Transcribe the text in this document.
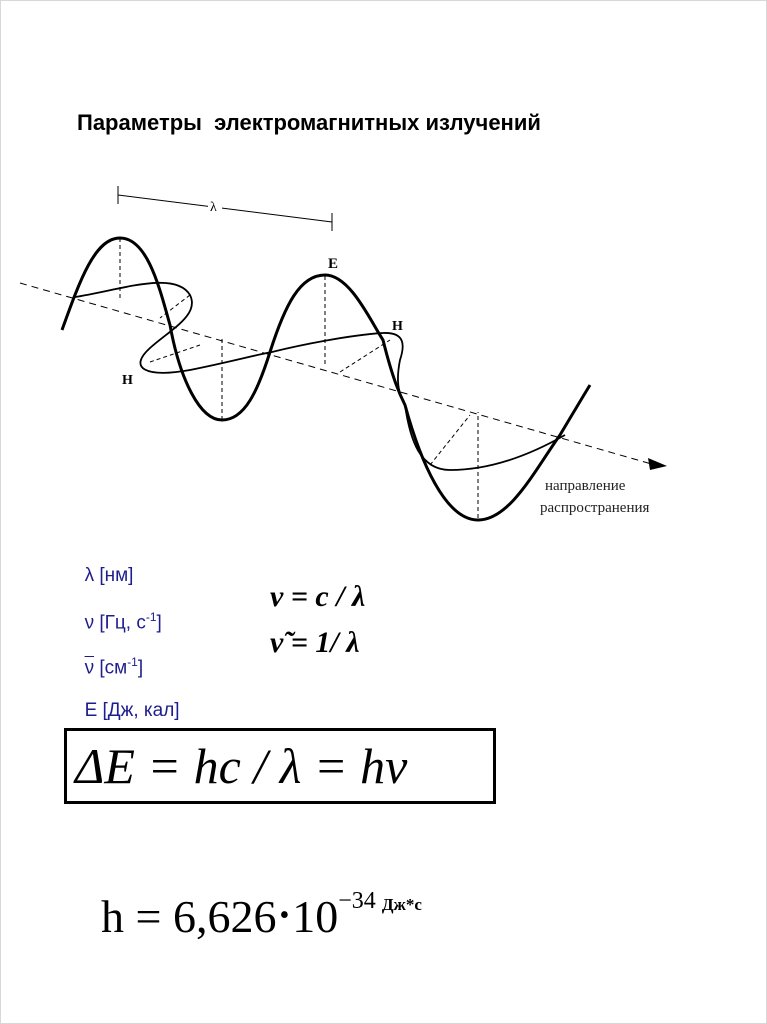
Параметры  электромагнитных излучений
λ
E
H
H
направление
распространения

λ [нм]

ν [Гц, $с^{-1}$]

$\overline{\nu}$ $[см^{-1}]$

Е [Дж, кал]

ν = c / λ
ν̃ = 1/ λ
ΔE = hc / λ = hν

h = 6,626 $•10^{-34}$ $^{Дж*с}$
